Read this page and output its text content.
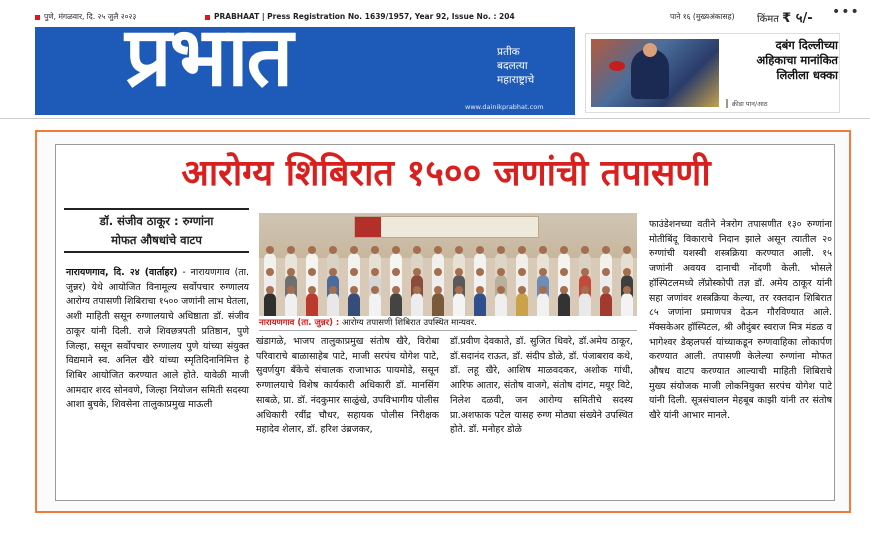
पुणे, मंगळवार, दि. २५ जुलै २०२३	PRABHAAT | Press Registration No. 1639/1957, Year 92, Issue No. : 204	पाने १६ (मुख्यअंकासह) किंमत ₹ ५/- •••
प्रभात	प्रतीक
बदलत्या
महाराष्ट्राचे
www.dainikprabhat.com
दबंग दिल्लीच्या
अहिकाचा मानांकित
लिलीला धक्का
क्रीडा पान/आठ
आरोग्य शिबिरात १५०० जणांची तपासणी
डॉ. संजीव ठाकूर : रुग्णांना
मोफत औषधांचे वाटप
नारायणगाव, दि. २४ (वार्ताहर) - नारायणगाव (ता. जुन्नर) येथे आयोजित विनामूल्य सर्वोपचार रुग्णालय आरोग्य तपासणी शिबिराचा १५०० जणांनी लाभ घेतला, अशी माहिती ससून रुग्णालयाचे अधिष्ठाता डॉ. संजीव ठाकूर यांनी दिली. राजे शिवछत्रपती प्रतिष्ठान, पुणे जिल्हा, ससून सर्वोपचार रुग्णालय पुणे यांच्या संयुक्त विद्यमाने स्व. अनिल खैरे यांच्या स्मृतिदिनानिमित्त हे शिबिर आयोजित करण्यात आले होते. यावेळी माजी आमदार शरद सोनवणे, जिल्हा नियोजन समिती सदस्या आशा बुचके, शिवसेना तालुकाप्रमुख माऊली
नारायणगाव (ता. जुन्नर) : आरोग्य तपासणी शिबिरात उपस्थित मान्यवर.
खंडागळे, भाजप तालुकाप्रमुख संतोष खैरे, विरोबा परिवाराचे बाळासाहेब पाटे, माजी सरपंच योगेश पाटे, सुवर्णयुग बँकेचे संचालक राजाभाऊ पायमोडे, ससून रुग्णालयाचे विशेष कार्यकारी अधिकारी डॉ. मानसिंग साबळे, प्रा. डॉ. नंदकुमार साळुंखे, उपविभागीय पोलीस अधिकारी रवींद्र चौधर, सहायक पोलीस निरीक्षक महादेव शेलार, डॉ. हरिश उंब्रजकर,
डॉ.प्रवीण देवकाते, डॉ. सुजित धिवरे, डॉ.अमेय ठाकूर, डॉ.सदानंद राऊत, डॉ. संदीप डोळे, डॉ. पंजाबराव कथे, डॉ. लहू खैरे, आशिष माळवदकर, अशोक गांधी, आरिफ आतार, संतोष वाजगे, संतोष दांगट, मयूर विटे, निलेश दळवी, जन आरोग्य समितीचे सदस्य प्रा.अशफाक पटेल यासह रुग्ण मोठ्या संख्येने उपस्थित होते. डॉ. मनोहर डोळे
फाउंडेशनच्या वतीने नेत्ररोग तपासणीत १३० रुग्णांना मोतीबिंदू विकाराचे निदान झाले असून त्यातील २० रुग्णांची यशस्वी शस्त्रक्रिया करण्यात आली. १५ जणांनी अवयव दानाची नोंदणी केली. भोसले हॉस्पिटलमध्ये लॅप्रोस्कोपी तज्ञ डॉ. अमेय ठाकूर यांनी सहा जणांवर शस्त्रक्रिया केल्या, तर रक्तदान शिबिरात ८५ जणांना प्रमाणपत्र देऊन गौरविण्यात आले. मॅक्सकेअर हॉस्पिटल, श्री औदुंबर स्वराज मित्र मंडळ व भागेश्वर डेव्हलपर्स यांच्याकडून रुग्णवाहिका लोकार्पण करण्यात आली. तपासणी केलेल्या रुग्णांना मोफत औषध वाटप करण्यात आल्याची माहिती शिबिराचे मुख्य संयोजक माजी लोकनियुक्त सरपंच योगेश पाटे यांनी दिली. सूत्रसंचालन मेहबूब काझी यांनी तर संतोष खैरे यांनी आभार मानले.
